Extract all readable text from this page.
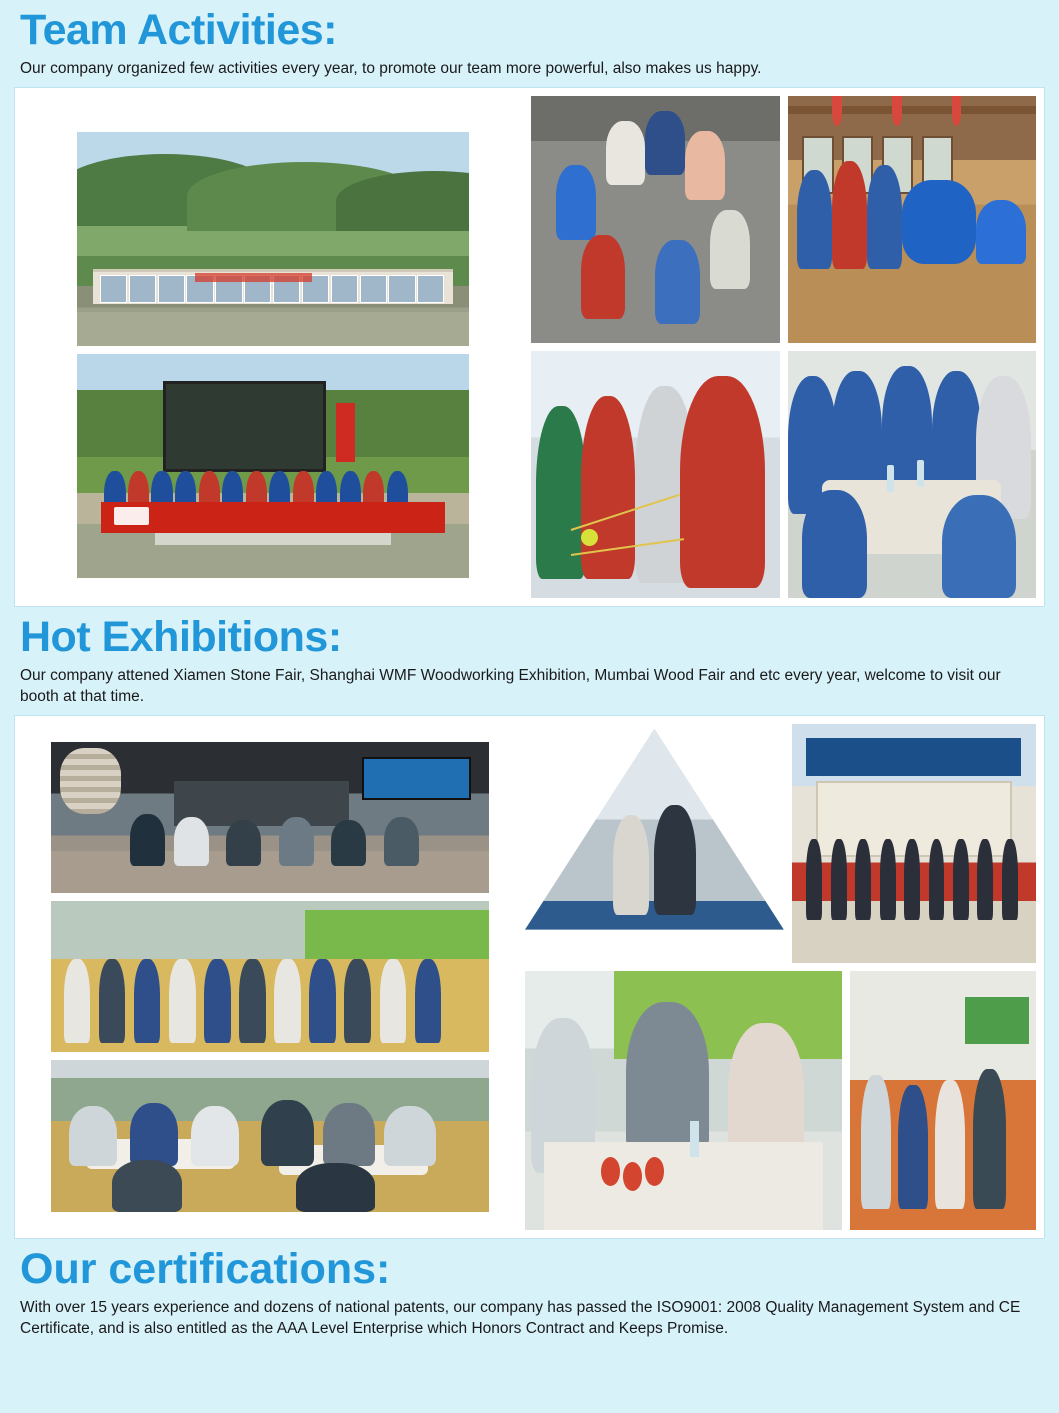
Team Activities:

Our company organized few activities every year, to promote our team more powerful, also makes us happy.

Hot Exhibitions:

Our company attened Xiamen Stone Fair, Shanghai WMF Woodworking Exhibition, Mumbai Wood Fair and etc every year, welcome to visit our booth at that time.

Our certifications:

With over 15 years experience and dozens of national patents, our company has passed the ISO9001: 2008 Quality Management System and CE Certificate, and is also entitled as the AAA Level Enterprise which Honors Contract and Keeps Promise.
